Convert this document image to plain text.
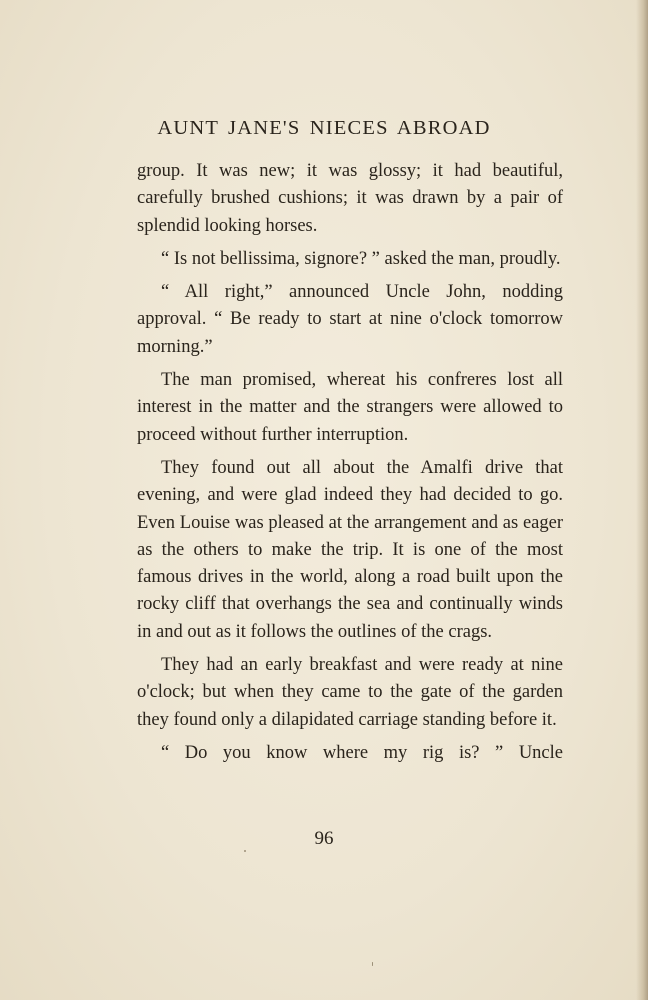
AUNT JANE'S NIECES ABROAD

group. It was new; it was glossy; it had beautiful, carefully brushed cushions; it was drawn by a pair of splendid looking horses.

“ Is not bellissima, signore? ” asked the man, proudly.

“ All right,” announced Uncle John, nodding approval. “ Be ready to start at nine o'clock tomorrow morning.”

The man promised, whereat his confreres lost all interest in the matter and the strangers were allowed to proceed without further interruption.

They found out all about the Amalfi drive that evening, and were glad indeed they had decided to go. Even Louise was pleased at the arrangement and as eager as the others to make the trip. It is one of the most famous drives in the world, along a road built upon the rocky cliff that overhangs the sea and continually winds in and out as it follows the outlines of the crags.

They had an early breakfast and were ready at nine o'clock; but when they came to the gate of the garden they found only a dilapidated carriage standing before it.

“ Do you know where my rig is? ” Uncle

96
